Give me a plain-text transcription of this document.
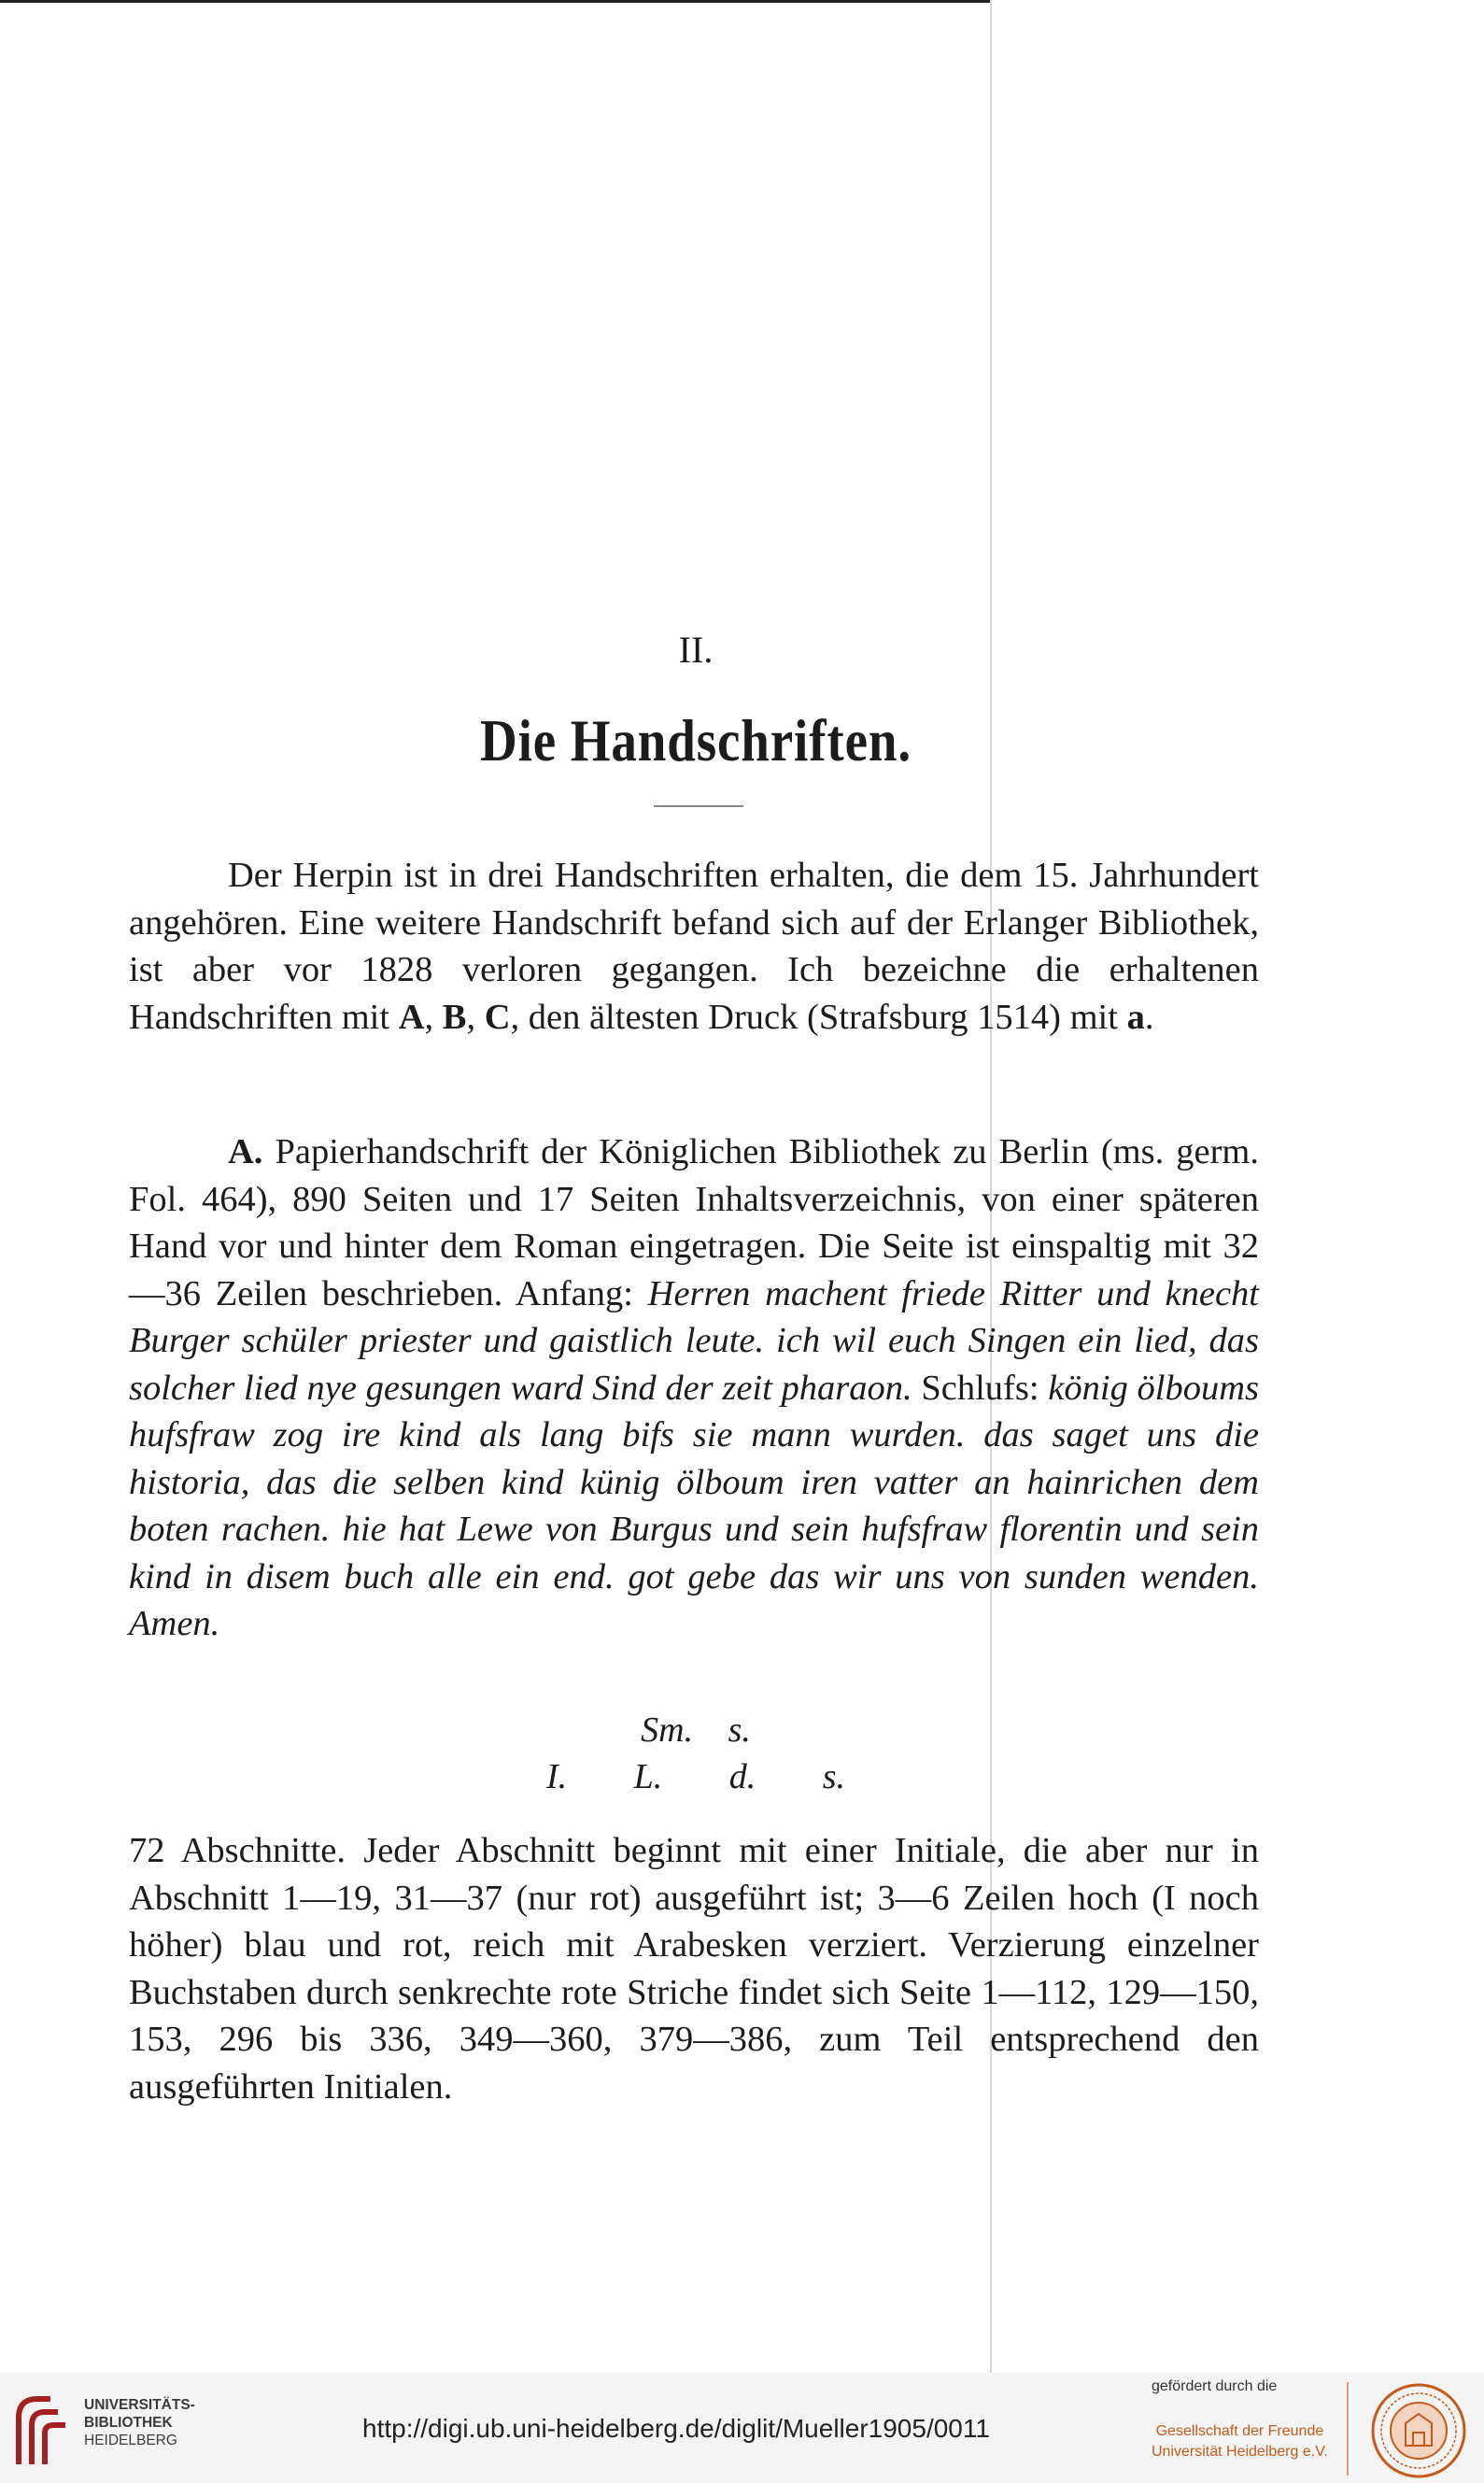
II.
Die Handschriften.

Der Herpin ist in drei Handschriften erhalten, die dem 15. Jahrhundert angehören. Eine weitere Handschrift befand sich auf der Erlanger Bibliothek, ist aber vor 1828 verloren gegangen. Ich bezeichne die erhaltenen Handschriften mit A, B, C, den ältesten Druck (Strafsburg 1514) mit a.

A. Papierhandschrift der Königlichen Bibliothek zu Berlin (ms. germ. Fol. 464), 890 Seiten und 17 Seiten Inhaltsverzeichnis, von einer späteren Hand vor und hinter dem Roman eingetragen. Die Seite ist einspaltig mit 32—36 Zeilen beschrieben. Anfang: Herren machent friede Ritter und knecht Burger schüler priester und gaistlich leute. ich wil euch Singen ein lied, das solcher lied nye gesungen ward Sind der zeit pharaon. Schlufs: könig ölboums hufsfraw zog ire kind als lang bifs sie mann wurden. das saget uns die historia, das die selben kind künig ölboum iren vatter an hainrichen dem boten rachen. hie hat Lewe von Burgus und sein hufsfraw florentin und sein kind in disem buch alle ein end. got gebe das wir uns von sunden wenden. Amen.

Sm. s.
I. L. d. s.

72 Abschnitte. Jeder Abschnitt beginnt mit einer Initiale, die aber nur in Abschnitt 1—19, 31—37 (nur rot) ausgeführt ist; 3—6 Zeilen hoch (I noch höher) blau und rot, reich mit Arabesken verziert. Verzierung einzelner Buchstaben durch senkrechte rote Striche findet sich Seite 1—112, 129—150, 153, 296 bis 336, 349—360, 379—386, zum Teil entsprechend den ausgeführten Initialen.

UNIVERSITÄTS-
BIBLIOTHEK
HEIDELBERG	http://digi.ub.uni-heidelberg.de/diglit/Mueller1905/0011
gefördert durch die
Gesellschaft der Freunde
Universität Heidelberg e.V.
